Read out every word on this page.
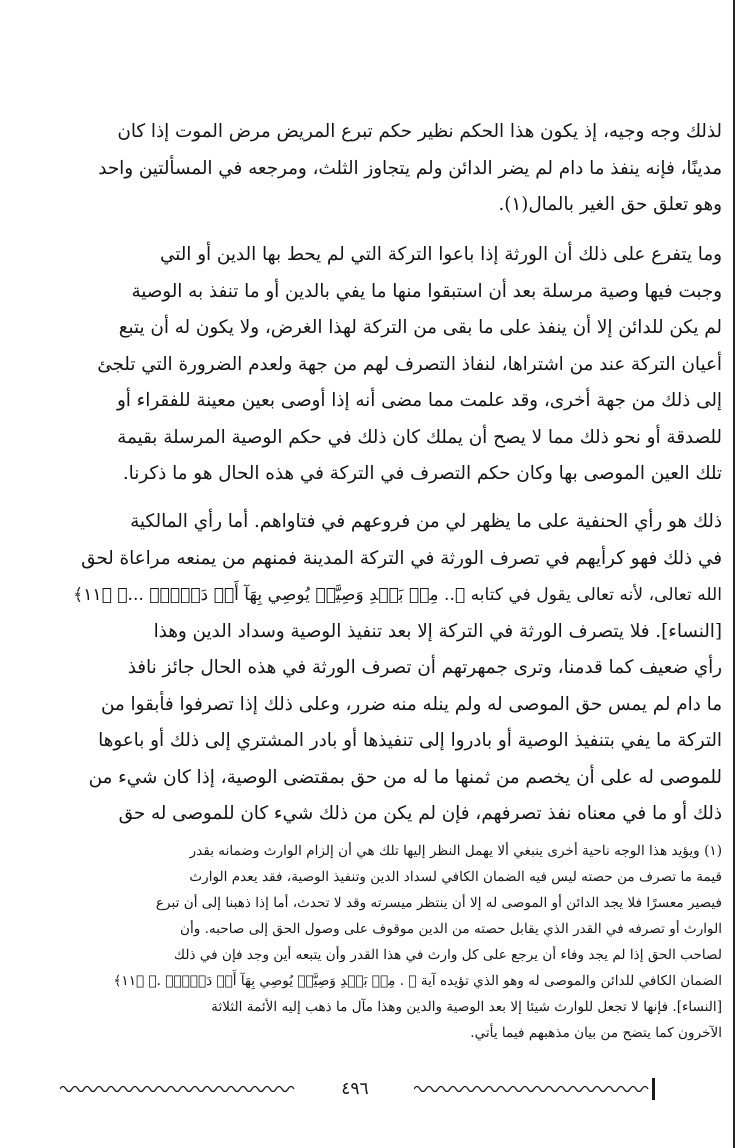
لذلك وجه وجيه، إذ يكون هذا الحكم نظير حكم تبرع المريض مرض الموت إذا كان
مدينًا، فإنه ينفذ ما دام لم يضر الدائن ولم يتجاوز الثلث، ومرجعه في المسألتين واحد
وهو تعلق حق الغير بالمال(١).
وما يتفرع على ذلك أن الورثة إذا باعوا التركة التي لم يحط بها الدين أو التي
وجبت فيها وصية مرسلة بعد أن استبقوا منها ما يفي بالدين أو ما تنفذ به الوصية
لم يكن للدائن إلا أن ينفذ على ما بقى من التركة لهذا الغرض، ولا يكون له أن يتبع
أعيان التركة عند من اشتراها، لنفاذ التصرف لهم من جهة ولعدم الضرورة التي تلجئ
إلى ذلك من جهة أخرى، وقد علمت مما مضى أنه إذا أوصى بعين معينة للفقراء أو
للصدقة أو نحو ذلك مما لا يصح أن يملك كان ذلك في حكم الوصية المرسلة بقيمة
تلك العين الموصى بها وكان حكم التصرف في التركة في هذه الحال هو ما ذكرنا.
ذلك هو رأي الحنفية على ما يظهر لي من فروعهم في فتاواهم. أما رأي المالكية
في ذلك فهو كرأيهم في تصرف الورثة في التركة المدينة فمنهم من يمنعه مراعاة لحق
الله تعالى، لأنه تعالى يقول في كتابه ﴿.. مِنۢ بَعۡدِ وَصِيَّةٖ يُوصِي بِهَآ أَوۡ دَيۡنٍۗ ...﴾ ﴿١١﴾
[النساء]. فلا يتصرف الورثة في التركة إلا بعد تنفيذ الوصية وسداد الدين وهذا
رأي ضعيف كما قدمنا، وترى جمهرتهم أن تصرف الورثة في هذه الحال جائز نافذ
ما دام لم يمس حق الموصى له ولم ينله منه ضرر، وعلى ذلك إذا تصرفوا فأبقوا من
التركة ما يفي بتنفيذ الوصية أو بادروا إلى تنفيذها أو بادر المشتري إلى ذلك أو باعوها
للموصى له على أن يخصم من ثمنها ما له من حق بمقتضى الوصية، إذا كان شيء من
ذلك أو ما في معناه نفذ تصرفهم، فإن لم يكن من ذلك شيء كان للموصى له حق
(١) ويؤيد هذا الوجه ناحية أخرى ينبغي ألا يهمل النظر إليها تلك هي أن إلزام الوارث وضمانه بقدر
قيمة ما تصرف من حصته ليس فيه الضمان الكافي لسداد الدين وتنفيذ الوصية، فقد يعدم الوارث
فيصير معسرًا فلا يجد الدائن أو الموصى له إلا أن ينتظر ميسرته وقد لا تحدث، أما إذا ذهبنا إلى أن تبرع
الوارث أو تصرفه في القدر الذي يقابل حصته من الدين موقوف على وصول الحق إلى صاحبه. وأن
لصاحب الحق إذا لم يجد وفاء أن يرجع على كل وارث في هذا القدر وأن يتبعه أين وجد فإن في ذلك
الضمان الكافي للدائن والموصى له وهو الذي تؤيده آية ﴿ . مِنۢ بَعۡدِ وَصِيَّةٖ يُوصِي بِهَآ أَوۡ دَيۡنٍۗ .﴾ ﴿١١﴾
[النساء]. فإنها لا تجعل للوارث شيئا إلا بعد الوصية والدين وهذا مآل ما ذهب إليه الأئمة الثلاثة
الآخرون كما يتضح من بيان مذهبهم فيما يأتي.
٤٩٦
